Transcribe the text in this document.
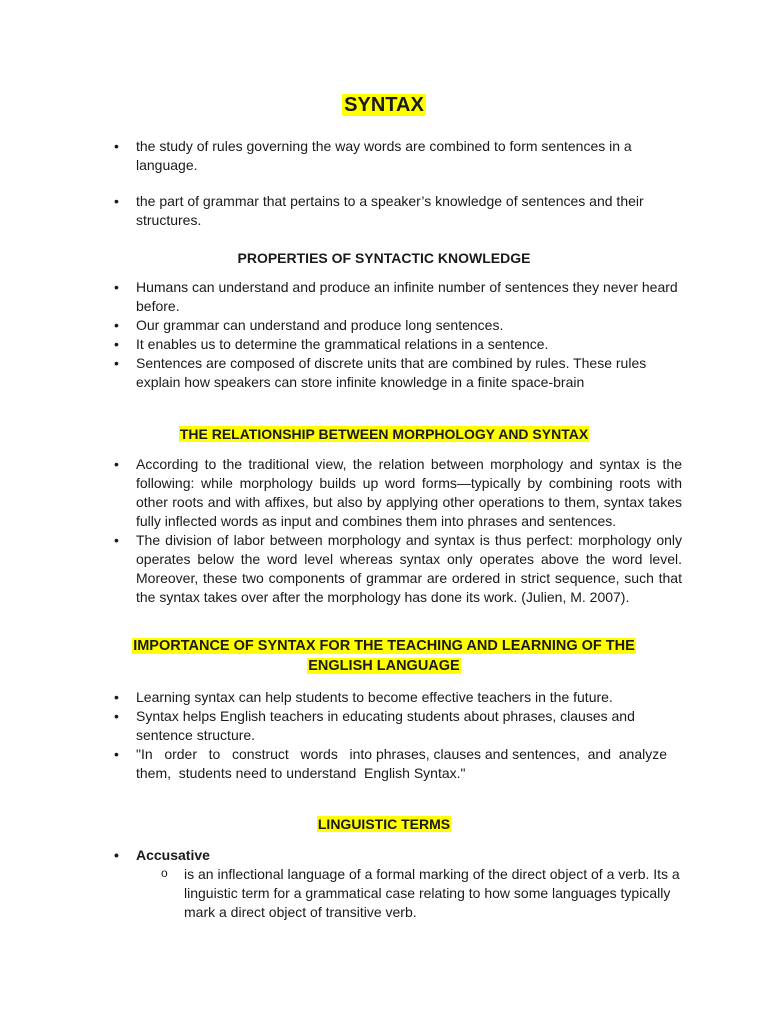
SYNTAX
• the study of rules governing the way words are combined to form sentences in a language.
• the part of grammar that pertains to a speaker’s knowledge of sentences and their structures.
PROPERTIES OF SYNTACTIC KNOWLEDGE
• Humans can understand and produce an infinite number of sentences they never heard before.
• Our grammar can understand and produce long sentences.
• It enables us to determine the grammatical relations in a sentence.
• Sentences are composed of discrete units that are combined by rules. These rules explain how speakers can store infinite knowledge in a finite space-brain
THE RELATIONSHIP BETWEEN MORPHOLOGY AND SYNTAX
• According to the traditional view, the relation between morphology and syntax is the following: while morphology builds up word forms—typically by combining roots with other roots and with affixes, but also by applying other operations to them, syntax takes fully inflected words as input and combines them into phrases and sentences.
• The division of labor between morphology and syntax is thus perfect: morphology only operates below the word level whereas syntax only operates above the word level. Moreover, these two components of grammar are ordered in strict sequence, such that the syntax takes over after the morphology has done its work. (Julien, M. 2007).
IMPORTANCE OF SYNTAX FOR THE TEACHING AND LEARNING OF THE
ENGLISH LANGUAGE
• Learning syntax can help students to become effective teachers in the future.
• Syntax helps English teachers in educating students about phrases, clauses and sentence structure.
• "In   order   to   construct   words   into phrases, clauses and sentences,  and  analyze them,  students need to understand  English Syntax."
LINGUISTIC TERMS
• Accusative
o is an inflectional language of a formal marking of the direct object of a verb. Its a linguistic term for a grammatical case relating to how some languages typically mark a direct object of transitive verb.
